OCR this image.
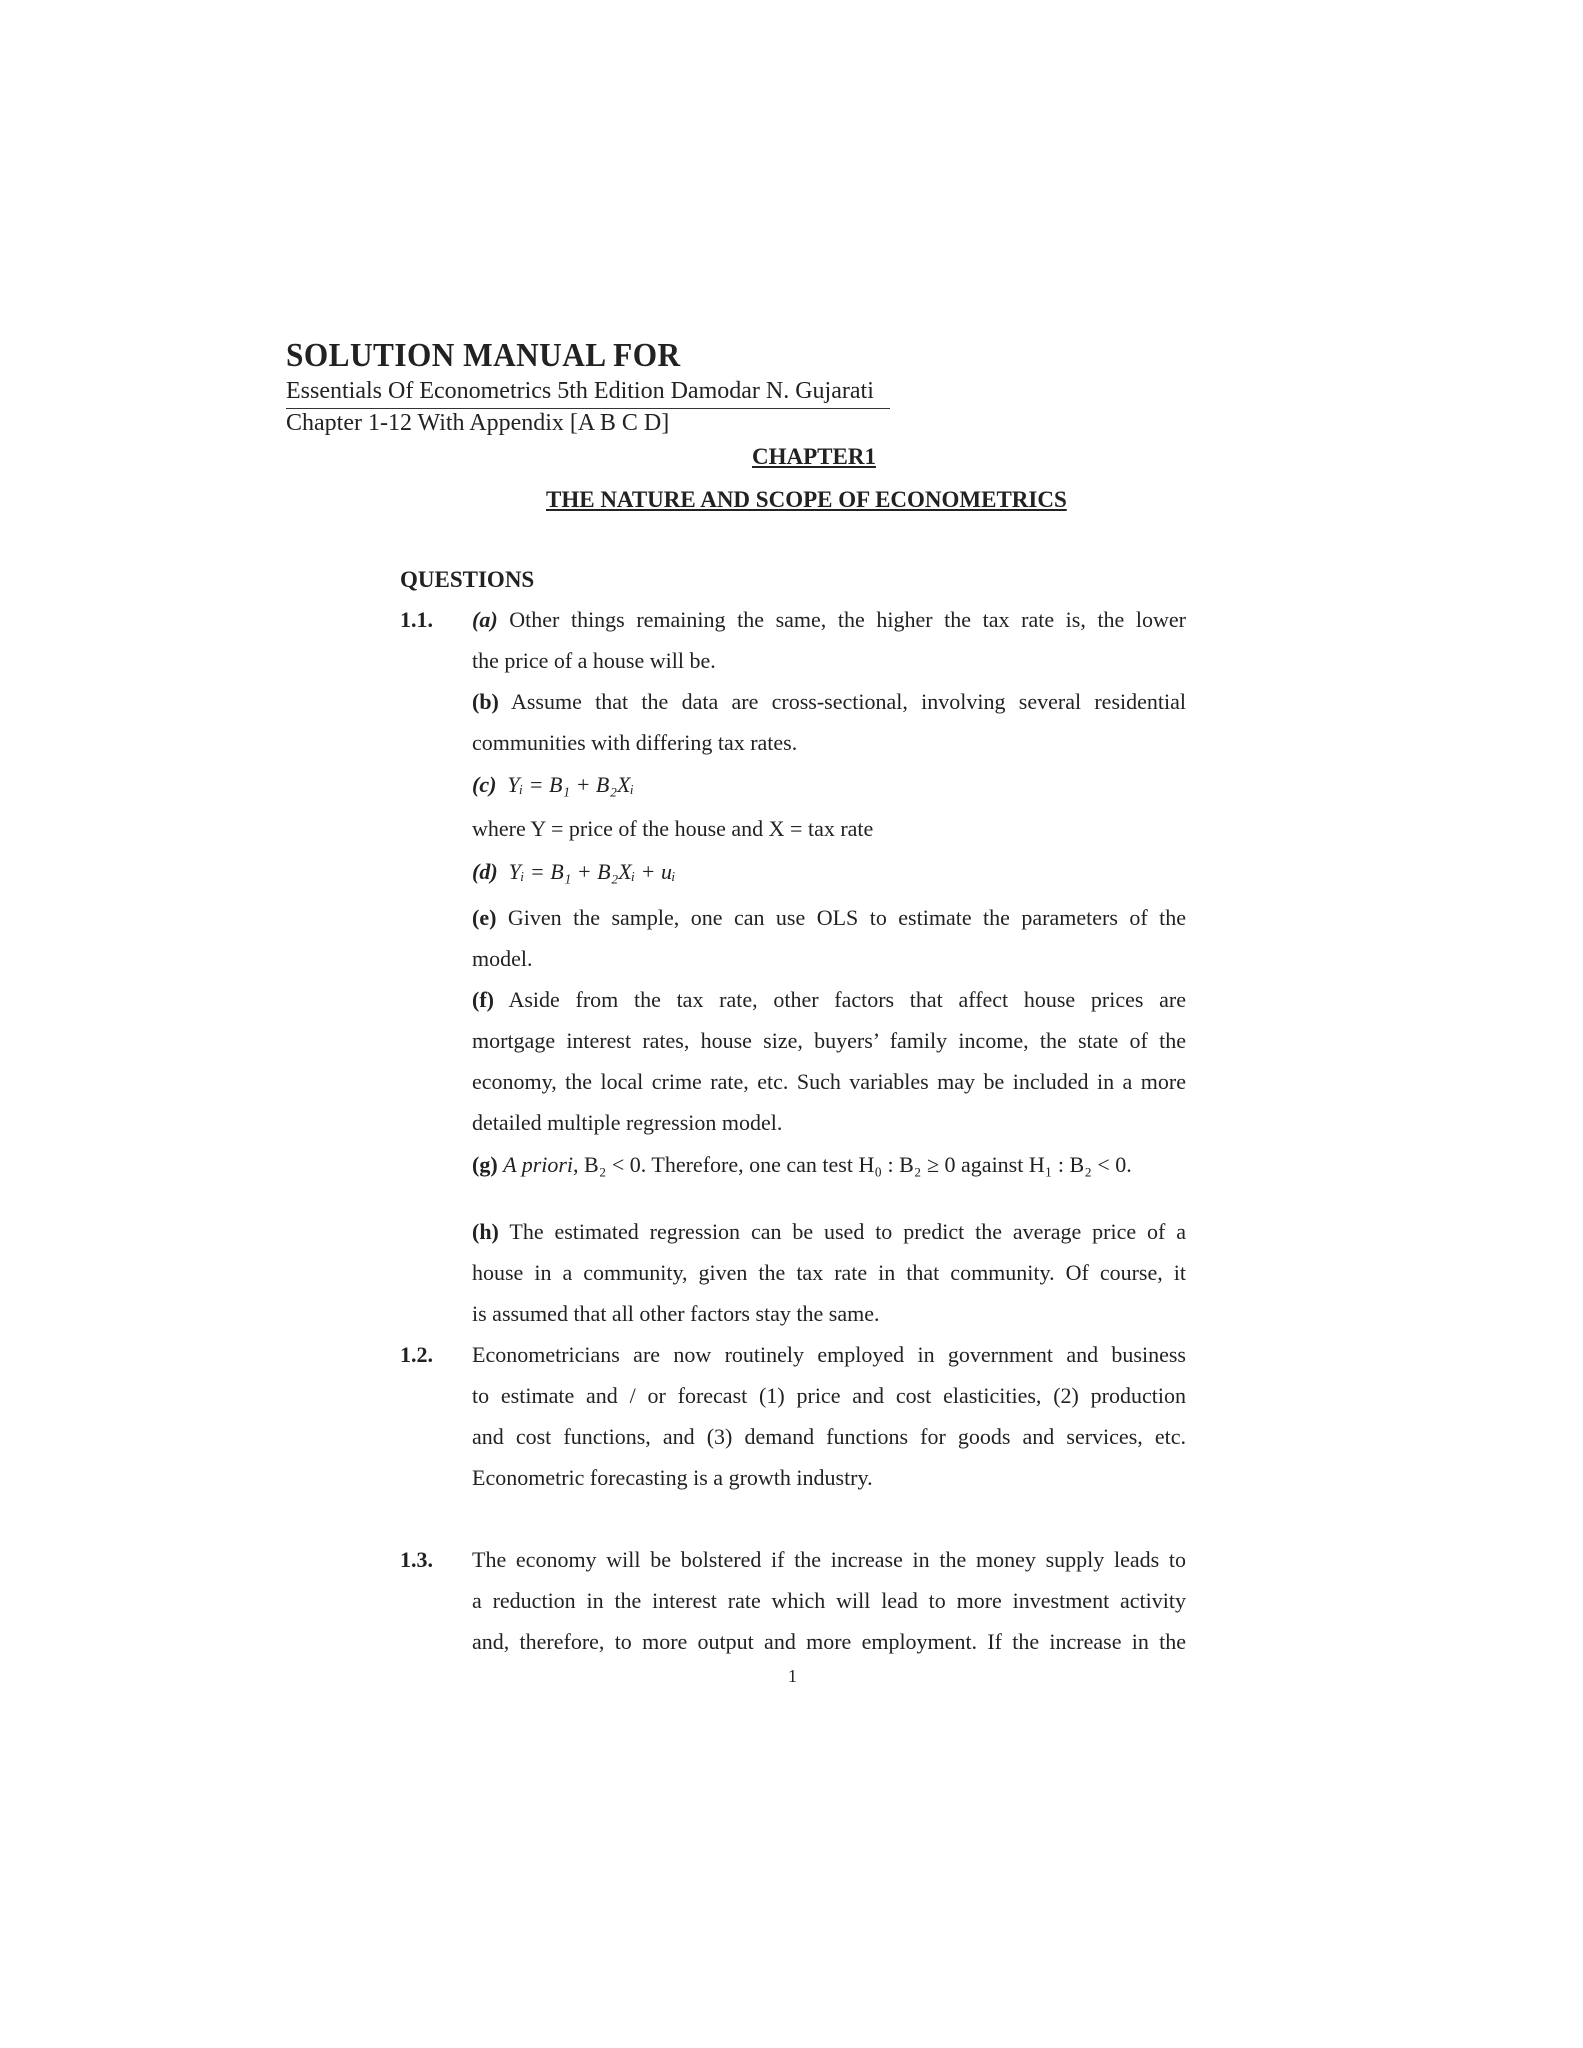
SOLUTION MANUAL FOR
Essentials Of Econometrics 5th Edition Damodar N. Gujarati
Chapter 1-12 With Appendix [A B C D]
CHAPTER1
THE NATURE AND SCOPE OF ECONOMETRICS
QUESTIONS
1.1. (a) Other things remaining the same, the higher the tax rate is, the lower
the price of a house will be.
(b) Assume that the data are cross-sectional, involving several residential
communities with differing tax rates.
(c) Yᵢ = B₁ + B₂Xᵢ
where Y = price of the house and X = tax rate
(d) Yᵢ = B₁ + B₂Xᵢ + uᵢ
(e) Given the sample, one can use OLS to estimate the parameters of the
model.
(f) Aside from the tax rate, other factors that affect house prices are
mortgage interest rates, house size, buyers’ family income, the state of the
economy, the local crime rate, etc. Such variables may be included in a more
detailed multiple regression model.
(g) A priori, B₂ < 0. Therefore, one can test H₀ : B₂ ≥ 0 against H₁ : B₂ < 0.
(h) The estimated regression can be used to predict the average price of a
house in a community, given the tax rate in that community. Of course, it
is assumed that all other factors stay the same.
1.2. Econometricians are now routinely employed in government and business
to estimate and / or forecast (1) price and cost elasticities, (2) production
and cost functions, and (3) demand functions for goods and services, etc.
Econometric forecasting is a growth industry.
1.3. The economy will be bolstered if the increase in the money supply leads to
a reduction in the interest rate which will lead to more investment activity
and, therefore, to more output and more employment. If the increase in the
1
